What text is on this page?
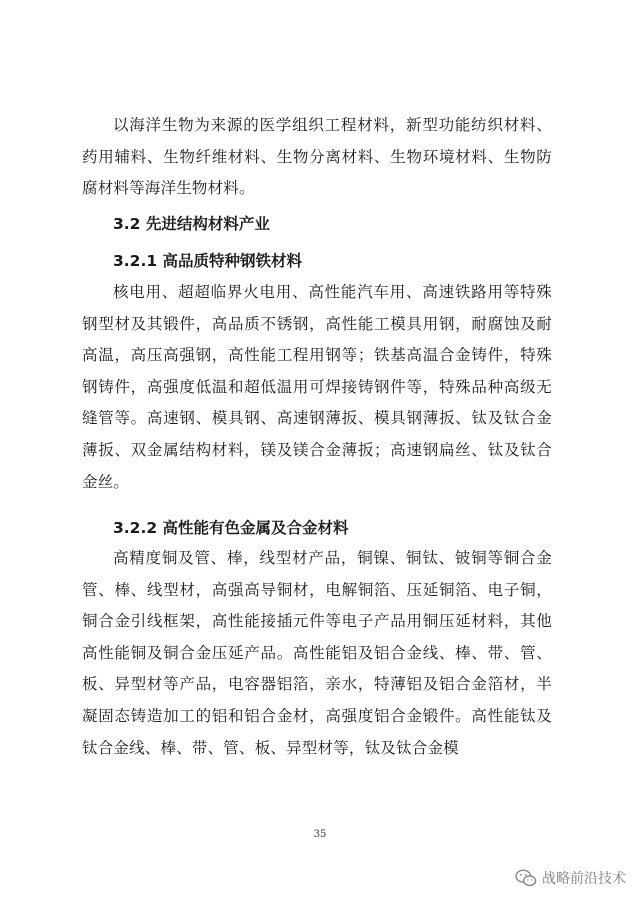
以海洋生物为来源的医学组织工程材料，新型功能纺织材料、药用辅料、生物纤维材料、生物分离材料、生物环境材料、生物防腐材料等海洋生物材料。

3.2 先进结构材料产业
3.2.1 高品质特种钢铁材料

核电用、超超临界火电用、高性能汽车用、高速铁路用等特殊钢型材及其锻件，高品质不锈钢，高性能工模具用钢，耐腐蚀及耐高温，高压高强钢，高性能工程用钢等；铁基高温合金铸件，特殊钢铸件，高强度低温和超低温用可焊接铸钢件等，特殊品种高级无缝管等。高速钢、模具钢、高速钢薄扳、模具钢薄扳、钛及钛合金薄扳、双金属结构材料，镁及镁合金薄扳；高速钢扁丝、钛及钛合金丝。

3.2.2 高性能有色金属及合金材料

高精度铜及管、棒，线型材产品，铜镍、铜钛、铍铜等铜合金管、棒、线型材，高强高导铜材，电解铜箔、压延铜箔、电子铜，铜合金引线框架，高性能接插元件等电子产品用铜压延材料，其他高性能铜及铜合金压延产品。高性能铝及铝合金线、棒、带、管、板、异型材等产品，电容器铝箔，亲水，特薄铝及铝合金箔材，半凝固态铸造加工的铝和铝合金材，高强度铝合金锻件。高性能钛及钛合金线、棒、带、管、板、异型材等，钛及钛合金模

35
战略前沿技术
